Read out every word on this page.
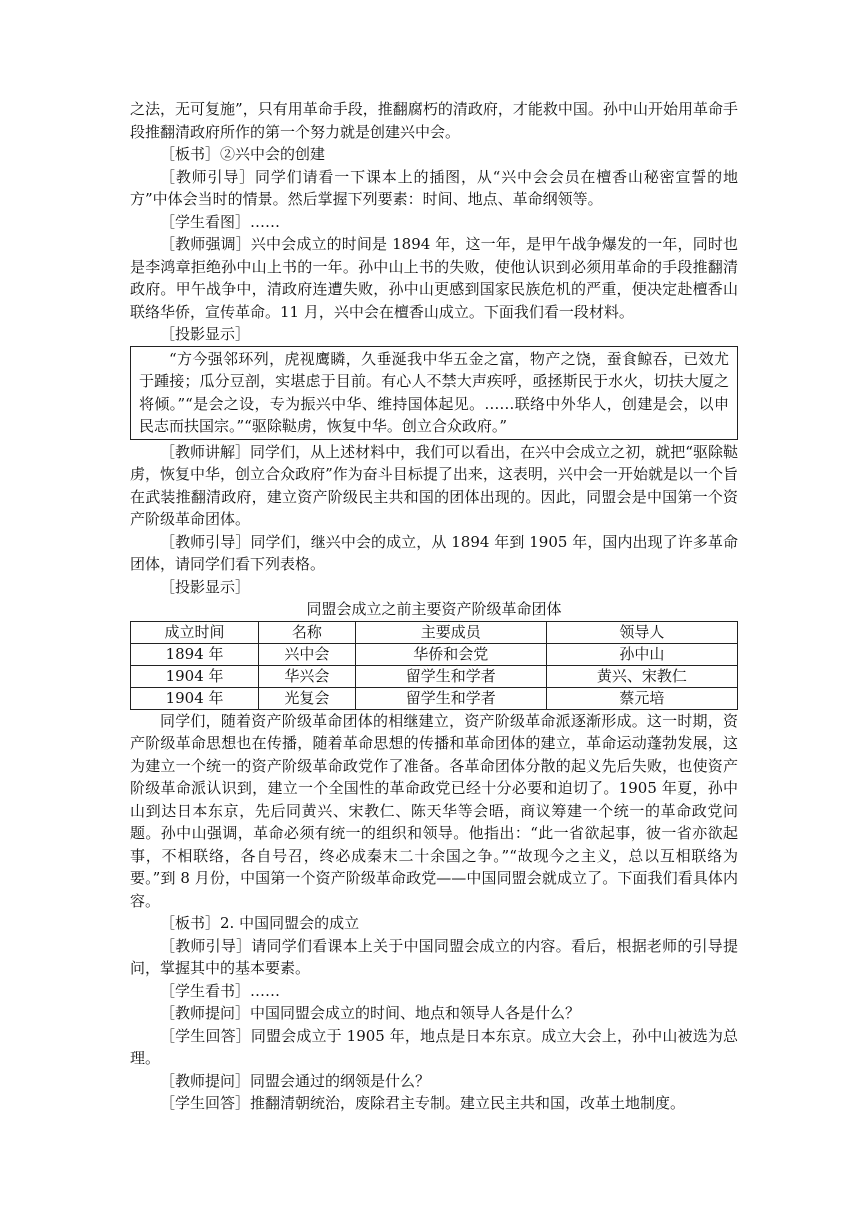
之法，无可复施”，只有用革命手段，推翻腐朽的清政府，才能救中国。孙中山开始用革命手段推翻清政府所作的第一个努力就是创建兴中会。

［板书］②兴中会的创建

［教师引导］同学们请看一下课本上的插图，从“兴中会会员在檀香山秘密宣誓的地方”中体会当时的情景。然后掌握下列要素：时间、地点、革命纲领等。

［学生看图］……

［教师强调］兴中会成立的时间是 1894 年，这一年，是甲午战争爆发的一年，同时也是李鸿章拒绝孙中山上书的一年。孙中山上书的失败，使他认识到必须用革命的手段推翻清政府。甲午战争中，清政府连遭失败，孙中山更感到国家民族危机的严重，便决定赴檀香山联络华侨，宣传革命。11 月，兴中会在檀香山成立。下面我们看一段材料。

［投影显示］

“方今强邻环列，虎视鹰瞵，久垂涎我中华五金之富，物产之饶，蚕食鲸吞，已效尤于踵接；瓜分豆剖，实堪虑于目前。有心人不禁大声疾呼，亟拯斯民于水火，切扶大厦之将倾。”“是会之设，专为振兴中华、维持国体起见。……联络中外华人，创建是会，以申民志而扶国宗。”“驱除鞑虏，恢复中华。创立合众政府。”

［教师讲解］同学们，从上述材料中，我们可以看出，在兴中会成立之初，就把“驱除鞑虏，恢复中华，创立合众政府”作为奋斗目标提了出来，这表明，兴中会一开始就是以一个旨在武装推翻清政府，建立资产阶级民主共和国的团体出现的。因此，同盟会是中国第一个资产阶级革命团体。

［教师引导］同学们，继兴中会的成立，从 1894 年到 1905 年，国内出现了许多革命团体，请同学们看下列表格。

［投影显示］

同盟会成立之前主要资产阶级革命团体

成立时间	名称	主要成员	领导人
1894 年	兴中会	华侨和会党	孙中山
1904 年	华兴会	留学生和学者	黄兴、宋教仁
1904 年	光复会	留学生和学者	蔡元培

同学们，随着资产阶级革命团体的相继建立，资产阶级革命派逐渐形成。这一时期，资产阶级革命思想也在传播，随着革命思想的传播和革命团体的建立，革命运动蓬勃发展，这为建立一个统一的资产阶级革命政党作了准备。各革命团体分散的起义先后失败，也使资产阶级革命派认识到，建立一个全国性的革命政党已经十分必要和迫切了。1905 年夏，孙中山到达日本东京，先后同黄兴、宋教仁、陈天华等会晤，商议筹建一个统一的革命政党问题。孙中山强调，革命必须有统一的组织和领导。他指出：“此一省欲起事，彼一省亦欲起事，不相联络，各自号召，终必成秦末二十余国之争。”“故现今之主义，总以互相联络为要。”到 8 月份，中国第一个资产阶级革命政党——中国同盟会就成立了。下面我们看具体内容。

［板书］2. 中国同盟会的成立

［教师引导］请同学们看课本上关于中国同盟会成立的内容。看后，根据老师的引导提问，掌握其中的基本要素。

［学生看书］……

［教师提问］中国同盟会成立的时间、地点和领导人各是什么？

［学生回答］同盟会成立于 1905 年，地点是日本东京。成立大会上，孙中山被选为总理。

［教师提问］同盟会通过的纲领是什么？

［学生回答］推翻清朝统治，废除君主专制。建立民主共和国，改革土地制度。
